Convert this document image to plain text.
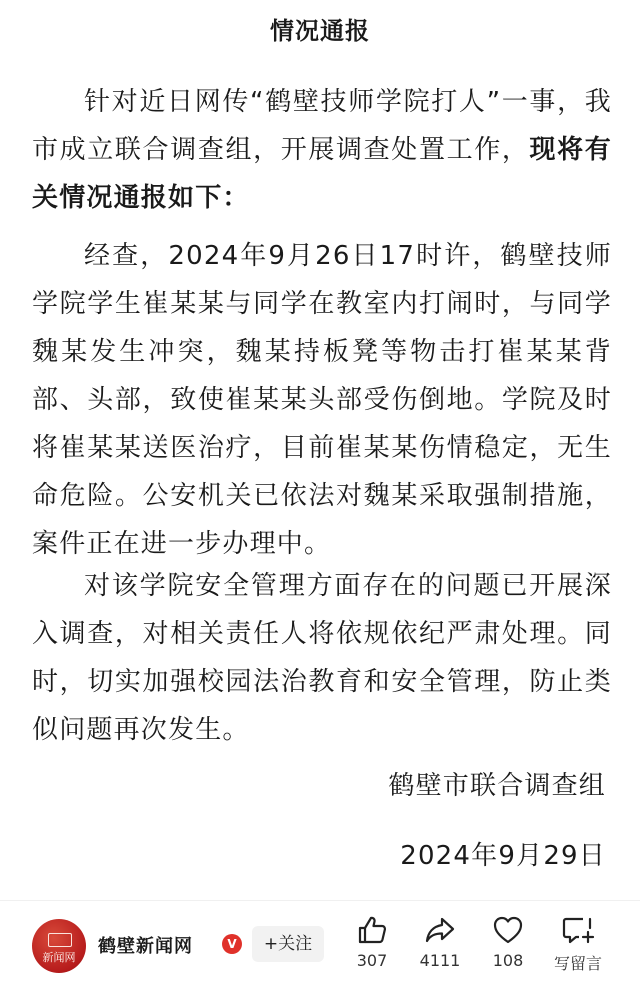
情况通报

针对近日网传“鹤壁技师学院打人”一事，我市成立联合调查组，开展调查处置工作，现将有关情况通报如下：

经查，2024年9月26日17时许，鹤壁技师学院学生崔某某与同学在教室内打闹时，与同学魏某发生冲突，魏某持板凳等物击打崔某某背部、头部，致使崔某某头部受伤倒地。学院及时将崔某某送医治疗，目前崔某某伤情稳定，无生命危险。公安机关已依法对魏某采取强制措施，案件正在进一步办理中。

对该学院安全管理方面存在的问题已开展深入调查，对相关责任人将依规依纪严肃处理。同时，切实加强校园法治教育和安全管理，防止类似问题再次发生。

鹤壁市联合调查组
2024年9月29日
新闻网
鹤壁新闻网	V	+关注
307	4111	108	写留言
